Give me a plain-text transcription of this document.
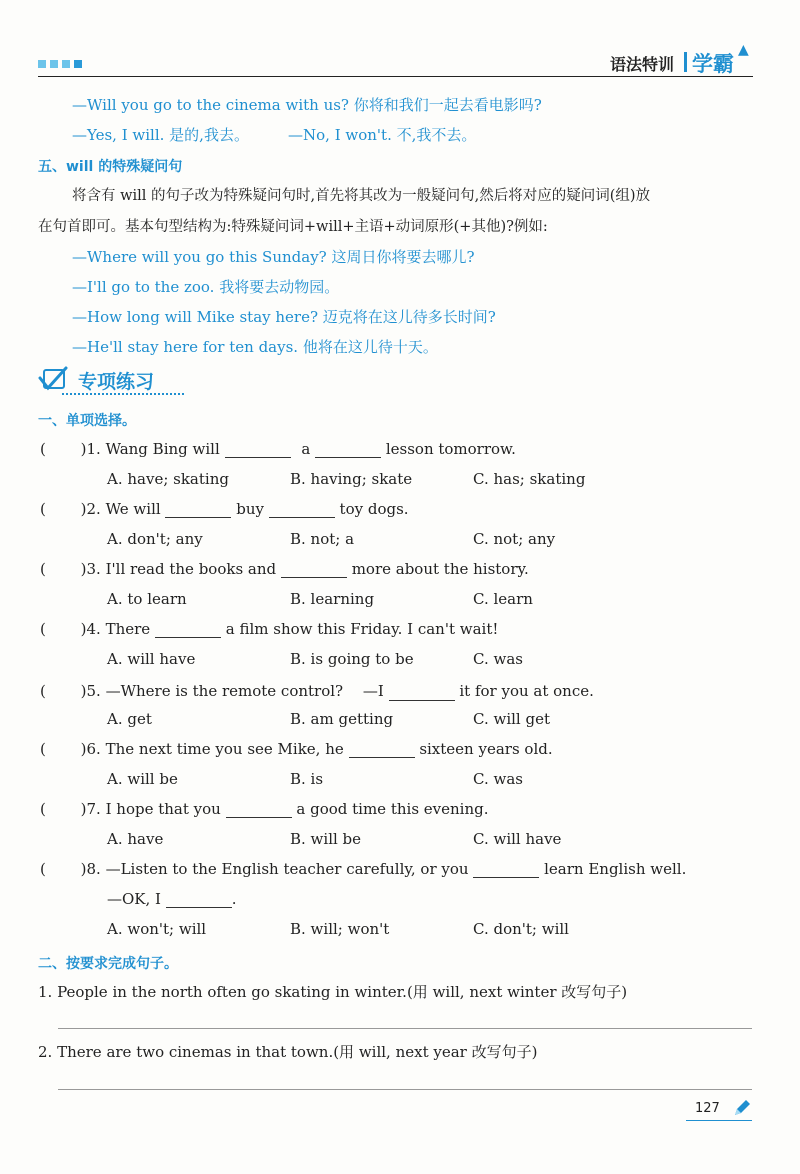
语法特训 学霸
▲
—Will you go to the cinema with us? 你将和我们一起去看电影吗?
—Yes, I will. 是的,我去。	—No, I won't. 不,我不去。
五、will 的特殊疑问句
将含有 will 的句子改为特殊疑问句时,首先将其改为一般疑问句,然后将对应的疑问词(组)放
在句首即可。基本句型结构为:特殊疑问词+will+主语+动词原形(+其他)?例如:
—Where will you go this Sunday? 这周日你将要去哪儿?
—I'll go to the zoo. 我将要去动物园。
—How long will Mike stay here? 迈克将在这儿待多长时间?
—He'll stay here for ten days. 他将在这儿待十天。
专项练习
一、单项选择。
( )1. Wang Bing will	a	lesson tomorrow.
A. have; skating	B. having; skate	C. has; skating
( )2. We will	buy	toy dogs.
A. don't; any	B. not; a	C. not; any
( )3. I'll read the books and	more about the history.
A. to learn	B. learning	C. learn
( )4. There	a film show this Friday. I can't wait!
A. will have	B. is going to be	C. was
( )5. —Where is the remote control?　 —I	it for you at once.
A. get	B. am getting	C. will get
( )6. The next time you see Mike, he	sixteen years old.
A. will be	B. is	C. was
( )7. I hope that you	a good time this evening.
A. have	B. will be	C. will have
( )8. —Listen to the English teacher carefully, or you	learn English well.
—OK, I	.
A. won't; will	B. will; won't	C. don't; will
二、按要求完成句子。
1. People in the north often go skating in winter.(用 will, next winter 改写句子)
2. There are two cinemas in that town.(用 will, next year 改写句子)
127
